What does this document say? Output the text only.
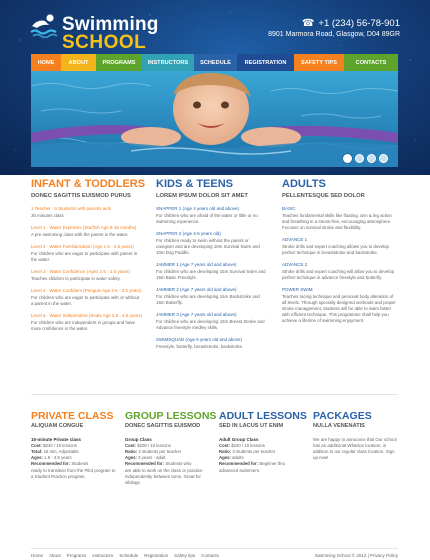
Swimming
SCHOOL
☎ +1 (234) 56-78-901
8901 Marmora Road, Glasgow, D04 89GR
HOME	ABOUT	PROGRAMS	INSTRUCTORS	SCHEDULE	REGISTRATION	SAFETY TIPS	CONTACTS
INFANT & TODDLERS
DONEC SAGITTIS EUISMOD PURUS
1 Teacher : 6 Students with parents aids
30 minutes class
Level 1 · Water Explorers (Starfish Age 6-18 months)
A pre-swimming class with the parent in the water.
Level 2 · Water Familiarization (Age 1.5 - 2.5 years)
For children who are eager to participate with parent in the water.
Level 3 · Water Confidence (Ages 2.5 - 3.5 years)
Teaches children to participate in water safety.
Level 4 · Water Confident (Penguin Age 2.5 - 3.5 years)
For children who are eager to participate with or without a parent in the water.
Level 5 · Water Independent (Seals Age 3.5 - 4.5 years)
For children who are independent in groups and have more confidence in the water.
KIDS & TEENS
LOREM IPSUM DOLOR SIT AMET
SNAPPER 1 (Age 4 years old and above)
For children who are afraid of the water or little or no swimming experience.
SNAPPER 2 (Age 4-6 years old)
For children ready to swim without the parent or caregiver and are developing 10m Survival Swim and 10m Dog Paddle.
JAMMER 1 (Age 7 years old and above)
For children who are developing 15m Survival Swim and 15m Basic Freestyle.
JAMMER 2 (Age 7 years old and above)
For children who are developing 15m Backstroke and 15m Butterfly.
JAMMER 3 (Age 7 years old and above)
For children who are developing 15m Breast Stroke and Advance freestyle medley skills.
SWIMSQUAD (Age 5 years old and above)
Freestyle, butterfly, breaststroke, backstroke.
ADULTS
PELLENTESQUE SED DOLOR
BASIC
Teaches fundamental skills like floating, arm & leg action and breathing in a stress-free, encouraging atmosphere. Focuses on survival stroke and flexibility.
ADVANCE 1
Stroke drills and expert coaching allows you to develop perfect technique in breaststroke and backstroke.
ADVANCE 2
Stroke drills and expert coaching will allow you to develop perfect technique in advance freestyle and butterfly.
POWER SWIM
Teaches racing technique and personal body alteration of all levels. Through specially designed workouts and proper stroke management, students will be able to swim faster with efficient technique. This programme shall help you achieve a lifetime of swimming enjoyment.
PRIVATE CLASS
ALIQUAM CONGUE
15-minute Private class
Cost: $240 / 10 lessons
Total: 15 min, Adjustable
Ages: 1.5 - 4.5 years
Recommended for: Students
ready to transition from the Pilot program to a Student Practice program.
GROUP LESSONS
DONEC SAGITTIS EUISMOD
Group Class
Cost: $200 / 10 lessons
Ratio: 3 students per teacher
Ages: 3 years - adult
Recommended for: Students who
are able to work on the class or practice independently between turns. Great for siblings.
ADULT LESSONS
SED IN LACUS UT ENIM
Adult Group Class
Cost: $240 / 10 lessons
Ratio: 3 students per teacher
Ages: adults
Recommended for: Beginner thru
advanced swimmers.
PACKAGES
NULLA VENENATIS
We are happy to announce that Our school has an additional Wharton location, in addition to our regular class location. Sign up now!
Home About Programs Instructors Schedule Registration Safety tips Contacts	Swimming School © 2012 | Privacy Policy
